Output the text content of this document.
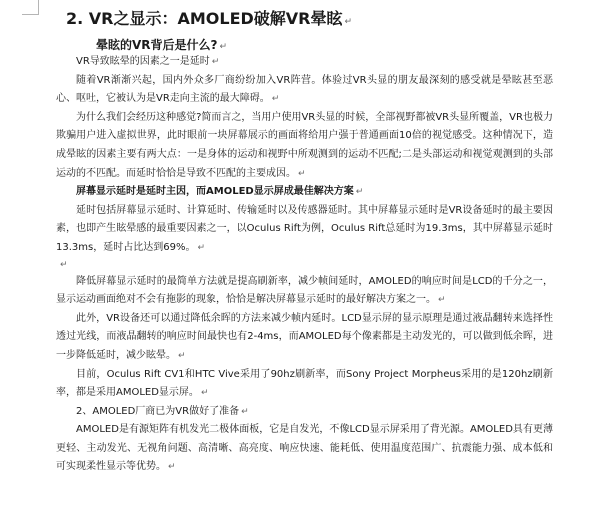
2. VR之显示：AMOLED破解VR晕眩 ↵
晕眩的VR背后是什么? ↵

VR导致眩晕的因素之一是延时 ↵

随着VR渐渐兴起，国内外众多厂商纷纷加入VR阵营。体验过VR头显的朋友最深刻的感受就是晕眩甚至恶心、呕吐，它被认为是VR走向主流的最大障碍。 ↵

为什么我们会经历这种感觉?简而言之，当用户使用VR头显的时候，全部视野都被VR头显所覆盖，VR也极力欺骗用户进入虚拟世界，此时眼前一块屏幕展示的画面将给用户强于普通画面10倍的视觉感受。这种情况下，造成晕眩的因素主要有两大点：一是身体的运动和视野中所观测到的运动不匹配;二是头部运动和视觉观测到的头部运动的不匹配。而延时恰恰是导致不匹配的主要成因。 ↵

屏幕显示延时是延时主因，而AMOLED显示屏成最佳解决方案 ↵

延时包括屏幕显示延时、计算延时、传输延时以及传感器延时。其中屏幕显示延时是VR设备延时的最主要因素，也即产生眩晕感的最重要因素之一，以Oculus Rift为例，Oculus Rift总延时为19.3ms，其中屏幕显示延时13.3ms，延时占比达到69%。 ↵

↵

降低屏幕显示延时的最简单方法就是提高刷新率，减少帧间延时，AMOLED的响应时间是LCD的千分之一，显示运动画面绝对不会有拖影的现象，恰恰是解决屏幕显示延时的最好解决方案之一。 ↵

此外，VR设备还可以通过降低余晖的方法来减少帧内延时。LCD显示屏的显示原理是通过液晶翻转来选择性透过光线，而液晶翻转的响应时间最快也有2-4ms，而AMOLED每个像素都是主动发光的，可以做到低余晖，进一步降低延时，减少眩晕。 ↵

目前，Oculus Rift CV1和HTC Vive采用了90hz刷新率，而Sony Project Morpheus采用的是120hz刷新率，都是采用AMOLED显示屏。 ↵

2、AMOLED厂商已为VR做好了准备 ↵

AMOLED是有源矩阵有机发光二极体面板，它是自发光，不像LCD显示屏采用了背光源。AMOLED具有更薄更轻、主动发光、无视角问题、高清晰、高亮度、响应快速、能耗低、使用温度范围广、抗震能力强、成本低和可实现柔性显示等优势。 ↵
